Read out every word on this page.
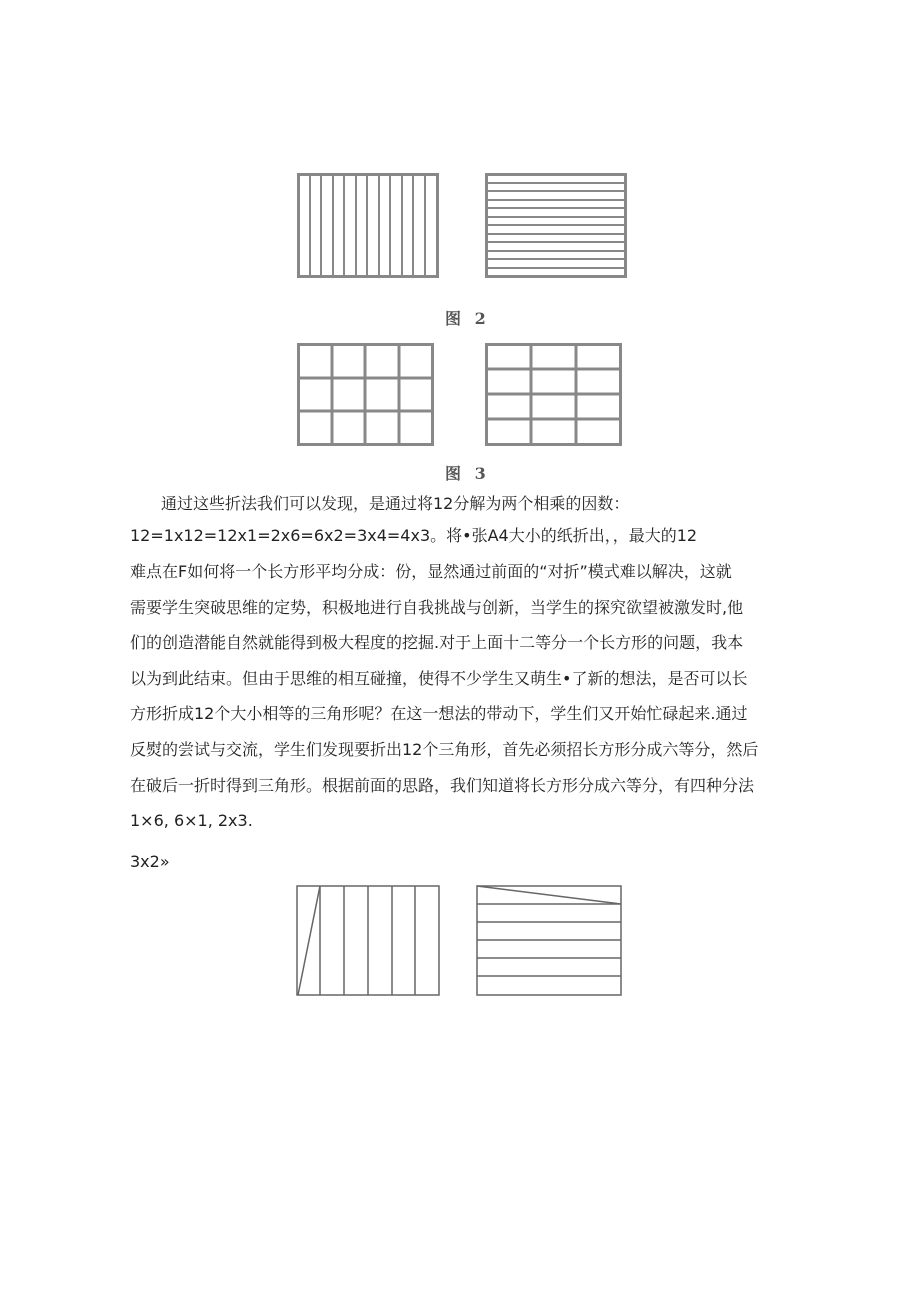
图 2
图 3
通过这些折法我们可以发现，是通过将12分解为两个相乘的因数：
12=1x12=12x1=2x6=6x2=3x4=4x3。将•张A4大小的纸折出，，最大的12
难点在F如何将一个长方形平均分成：份，显然通过前面的“对折”模式难以解决，这就
需要学生突破思维的定势，积极地进行自我挑战与创新，当学生的探究欲望被激发时,他
们的创造潜能自然就能得到极大程度的挖掘.对于上面十二等分一个长方形的问题，我本
以为到此结束。但由于思维的相互碰撞，使得不少学生又萌生•了新的想法，是否可以长
方形折成12个大小相等的三角形呢？在这一想法的带动下，学生们又开始忙碌起来.通过
反熨的尝试与交流，学生们发现要折出12个三角形，首先必须招长方形分成六等分，然后
在破后一折时得到三角形。根据前面的思路，我们知道将长方形分成六等分，有四种分法
1×6, 6×1, 2x3.
3x2»
